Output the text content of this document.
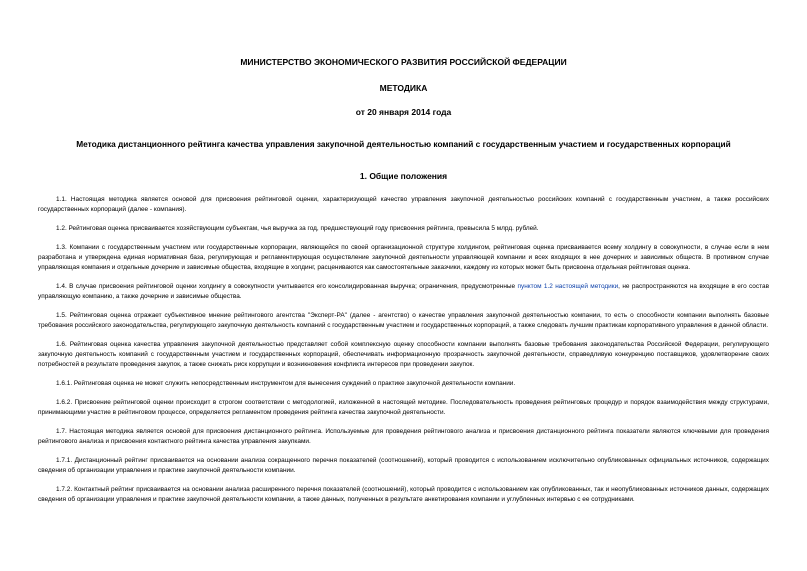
МИНИСТЕРСТВО ЭКОНОМИЧЕСКОГО РАЗВИТИЯ РОССИЙСКОЙ ФЕДЕРАЦИИ

МЕТОДИКА

от 20 января 2014 года

Методика дистанционного рейтинга качества управления закупочной деятельностью компаний с государственным участием и государственных корпораций

1. Общие положения

1.1. Настоящая методика является основой для присвоения рейтинговой оценки, характеризующей качество управления закупочной деятельностью российских компаний с государственным участием, а также российских государственных корпораций (далее - компания).

1.2. Рейтинговая оценка присваивается хозяйствующим субъектам, чья выручка за год, предшествующий году присвоения рейтинга, превысила 5 млрд. рублей.

1.3. Компании с государственным участием или государственные корпорации, являющейся по своей организационной структуре холдингом, рейтинговая оценка присваивается всему холдингу в совокупности, в случае если в нем разработана и утверждена единая нормативная база, регулирующая и регламентирующая осуществление закупочной деятельности управляющей компании и всех входящих в нее дочерних и зависимых обществ. В противном случае управляющая компания и отдельные дочерние и зависимые общества, входящие в холдинг, расцениваются как самостоятельные заказчики, каждому из которых может быть присвоена отдельная рейтинговая оценка.

1.4. В случае присвоения рейтинговой оценки холдингу в совокупности учитывается его консолидированная выручка; ограничения, предусмотренные пунктом 1.2 настоящей методики, не распространяются на входящие в его состав управляющую компанию, а также дочерние и зависимые общества.

1.5. Рейтинговая оценка отражает субъективное мнение рейтингового агентства "Эксперт-РА" (далее - агентство) о качестве управления закупочной деятельностью компании, то есть о способности компании выполнять базовые требования российского законодательства, регулирующего закупочную деятельность компаний с государственным участием и государственных корпораций, а также следовать лучшим практикам корпоративного управления в данной области.

1.6. Рейтинговая оценка качества управления закупочной деятельностью представляет собой комплексную оценку способности компании выполнять базовые требования законодательства Российской Федерации, регулирующего закупочную деятельность компаний с государственным участием и государственных корпораций, обеспечивать информационную прозрачность закупочной деятельности, справедливую конкуренцию поставщиков, удовлетворение своих потребностей в результате проведения закупок, а также снижать риск коррупции и возникновения конфликта интересов при проведении закупок.

1.6.1. Рейтинговая оценка не может служить непосредственным инструментом для вынесения суждений о практике закупочной деятельности компании.

1.6.2. Присвоение рейтинговой оценки происходит в строгом соответствии с методологией, изложенной в настоящей методике. Последовательность проведения рейтинговых процедур и порядок взаимодействия между структурами, принимающими участие в рейтинговом процессе, определяется регламентом проведения рейтинга качества закупочной деятельности.

1.7. Настоящая методика является основой для присвоения дистанционного рейтинга. Используемые для проведения рейтингового анализа и присвоения дистанционного рейтинга показатели являются ключевыми для проведения рейтингового анализа и присвоения контактного рейтинга качества управления закупками.

1.7.1. Дистанционный рейтинг присваивается на основании анализа сокращенного перечня показателей (соотношений), который проводится с использованием исключительно опубликованных официальных источников, содержащих сведения об организации управления и практике закупочной деятельности компании.

1.7.2. Контактный рейтинг присваивается на основании анализа расширенного перечня показателей (соотношений), который проводится с использованием как опубликованных, так и неопубликованных источников данных, содержащих сведения об организации управления и практике закупочной деятельности компании, а также данных, полученных в результате анкетирования компании и углубленных интервью с ее сотрудниками.
